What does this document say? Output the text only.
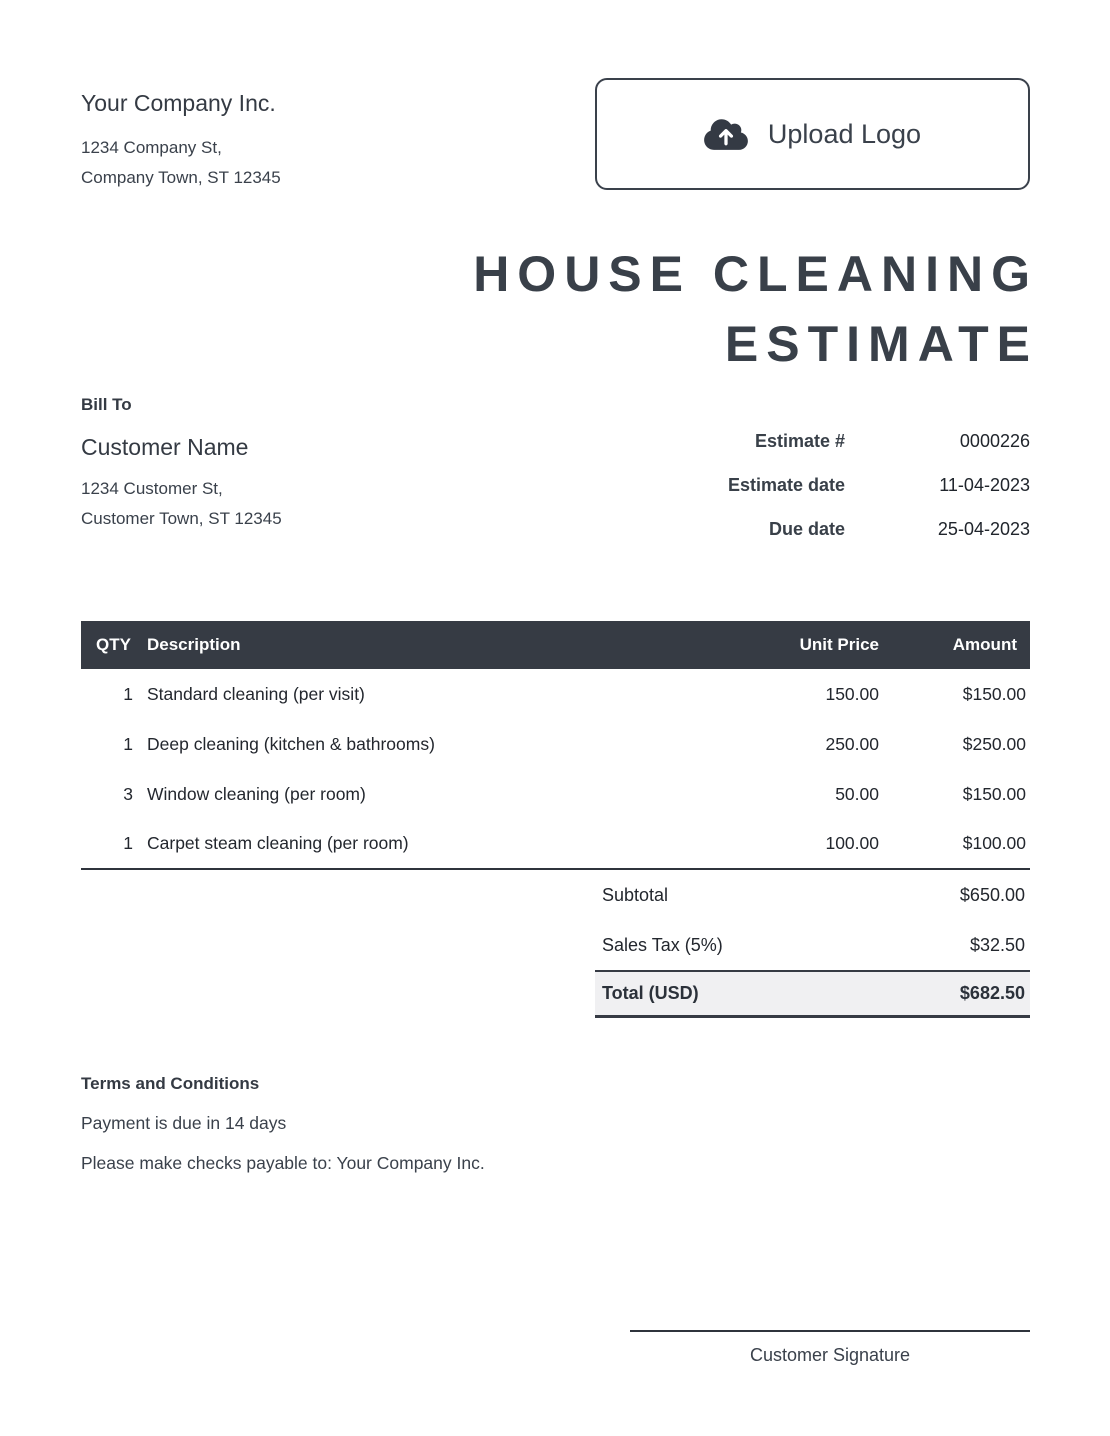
Your Company Inc.
1234 Company St,
Company Town, ST 12345
Upload Logo
HOUSE CLEANING
ESTIMATE
Bill To
Customer Name
1234 Customer St,
Customer Town, ST 12345
Estimate #	0000226
Estimate date	11-04-2023
Due date	25-04-2023
QTY	Description	Unit Price	Amount
1	Standard cleaning (per visit)	150.00	$150.00
1	Deep cleaning (kitchen & bathrooms)	250.00	$250.00
3	Window cleaning (per room)	50.00	$150.00
1	Carpet steam cleaning (per room)	100.00	$100.00
Subtotal	$650.00
Sales Tax (5%)	$32.50
Total (USD)	$682.50
Terms and Conditions
Payment is due in 14 days
Please make checks payable to: Your Company Inc.
Customer Signature
